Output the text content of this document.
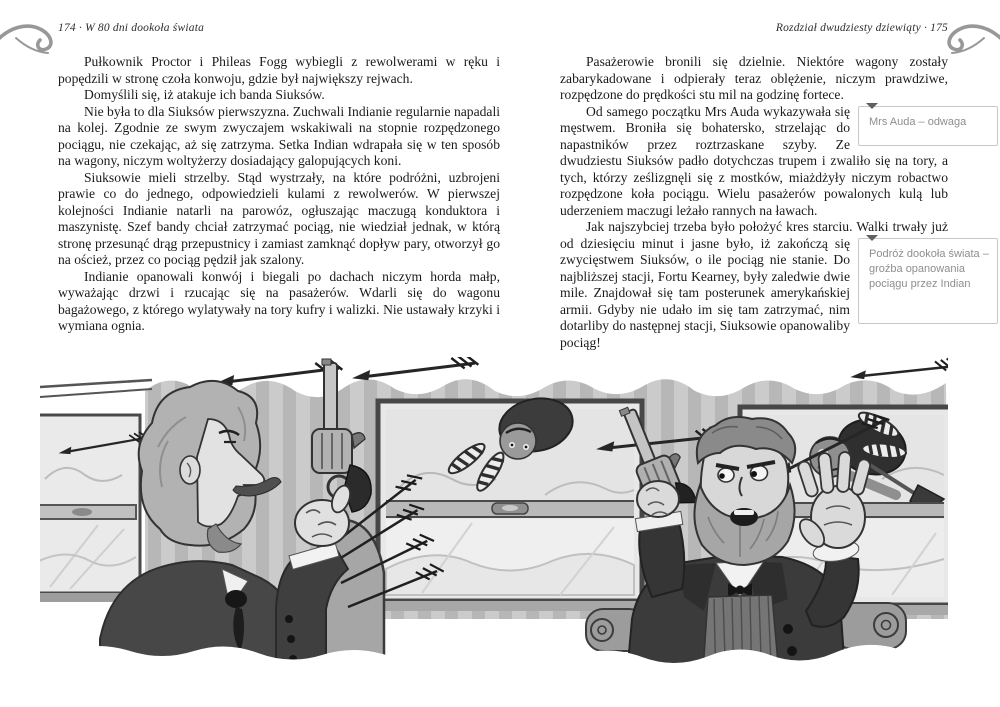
174 · W 80 dni dookoła świata	Rozdział dwudziesty dziewiąty · 175

Pułkownik Proctor i Phileas Fogg wybiegli z rewolwerami w ręku i popędzili w stronę czoła konwoju, gdzie był największy rejwach.

Domyślili się, iż atakuje ich banda Siuksów.

Nie była to dla Siuksów pierwszyzna. Zuchwali Indianie regularnie napadali na kolej. Zgodnie ze swym zwyczajem wskakiwali na stopnie rozpędzonego pociągu, nie czekając, aż się zatrzyma. Setka Indian wdrapała się w ten sposób na wagony, niczym woltyżerzy dosiadający galopujących koni.

Siuksowie mieli strzelby. Stąd wystrzały, na które podróżni, uzbrojeni prawie co do jednego, odpowiedzieli kulami z rewolwerów. W pierwszej kolejności Indianie natarli na parowóz, ogłuszając maczugą konduktora i maszynistę. Szef bandy chciał zatrzymać pociąg, nie wiedział jednak, w którą stronę przesunąć drąg przepustnicy i zamiast zamknąć dopływ pary, otworzył go na oścież, przez co pociąg pędził jak szalony.

Indianie opanowali konwój i biegali po dachach niczym horda małp, wyważając drzwi i rzucając się na pasażerów. Wdarli się do wagonu bagażowego, z którego wylatywały na tory kufry i walizki. Nie ustawały krzyki i wymiana ognia.

Pasażerowie bronili się dzielnie. Niektóre wagony zostały zabarykadowane i odpierały teraz oblężenie, niczym prawdziwe, rozpędzone do prędkości stu mil na godzinę fortece.

Mrs Auda – odwaga
Od samego początku Mrs Auda wykazywała się męstwem. Broniła się bohatersko, strzelając do napastników przez roztrzaskane szyby. Ze dwudziestu Siuksów padło dotychczas trupem i zwaliło się na tory, a tych, którzy ześlizgnęli się z mostków, miażdżyły niczym robactwo rozpędzone koła pociągu. Wielu pasażerów powalonych kulą lub uderzeniem maczugi leżało rannych na ławach.

Jak najszybciej trzeba było położyć kres starciu. Walki trwały już
Podróż dookoła świata – groźba opanowania pociągu przez Indian
od dziesięciu minut i jasne było, iż zakończą się zwycięstwem Siuksów, o ile pociąg nie stanie. Do najbliższej stacji, Fortu Kearney, były zaledwie dwie mile. Znajdował się tam posterunek amerykańskiej armii. Gdyby nie udało im się tam zatrzymać, nim dotarliby do następnej stacji, Siuksowie opanowaliby pociąg!
